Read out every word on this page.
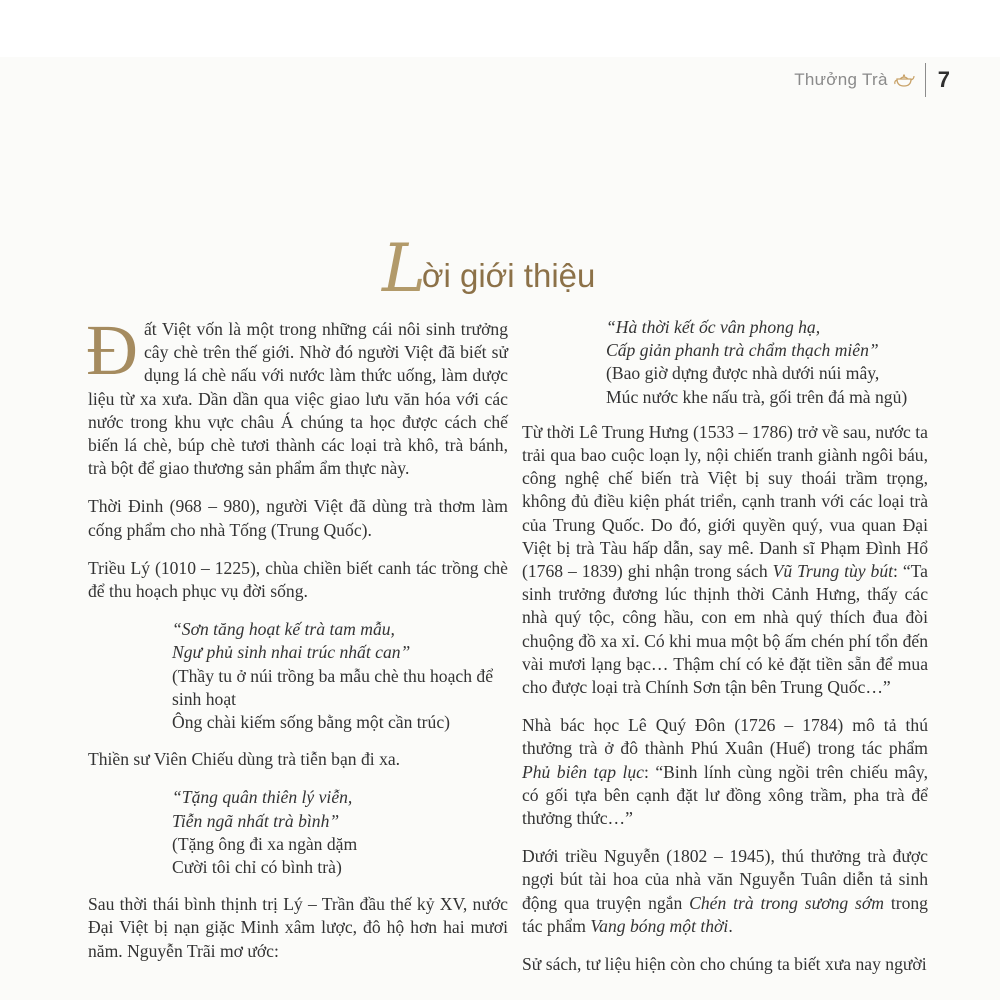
Thưởng Trà 7
L
ời giới thiệu

Đất Việt vốn là một trong những cái nôi sinh trưởng cây chè trên thế giới. Nhờ đó người Việt đã biết sử dụng lá chè nấu với nước làm thức uống, làm dược liệu từ xa xưa. Dần dần qua việc giao lưu văn hóa với các nước trong khu vực châu Á chúng ta học được cách chế biến lá chè, búp chè tươi thành các loại trà khô, trà bánh, trà bột để giao thương sản phẩm ẩm thực này.

Thời Đinh (968 – 980), người Việt đã dùng trà thơm làm cống phẩm cho nhà Tống (Trung Quốc).

Triều Lý (1010 – 1225), chùa chiền biết canh tác trồng chè để thu hoạch phục vụ đời sống.

“Sơn tăng hoạt kế trà tam mẫu,
Ngư phủ sinh nhai trúc nhất can”
(Thầy tu ở núi trồng ba mẫu chè thu hoạch để sinh hoạt
Ông chài kiếm sống bằng một cần trúc)

Thiền sư Viên Chiếu dùng trà tiễn bạn đi xa.

“Tặng quân thiên lý viễn,
Tiễn ngã nhất trà bình”
(Tặng ông đi xa ngàn dặm
Cười tôi chỉ có bình trà)

Sau thời thái bình thịnh trị Lý – Trần đầu thế kỷ XV, nước Đại Việt bị nạn giặc Minh xâm lược, đô hộ hơn hai mươi năm. Nguyễn Trãi mơ ước:

“Hà thời kết ốc vân phong hạ,
Cấp giản phanh trà chẩm thạch miên”
(Bao giờ dựng được nhà dưới núi mây,
Múc nước khe nấu trà, gối trên đá mà ngủ)

Từ thời Lê Trung Hưng (1533 – 1786) trở về sau, nước ta trải qua bao cuộc loạn ly, nội chiến tranh giành ngôi báu, công nghệ chế biến trà Việt bị suy thoái trầm trọng, không đủ điều kiện phát triển, cạnh tranh với các loại trà của Trung Quốc. Do đó, giới quyền quý, vua quan Đại Việt bị trà Tàu hấp dẫn, say mê. Danh sĩ Phạm Đình Hổ (1768 – 1839) ghi nhận trong sách Vũ Trung tùy bút: “Ta sinh trưởng đương lúc thịnh thời Cảnh Hưng, thấy các nhà quý tộc, công hầu, con em nhà quý thích đua đòi chuộng đồ xa xỉ. Có khi mua một bộ ấm chén phí tổn đến vài mươi lạng bạc… Thậm chí có kẻ đặt tiền sẵn để mua cho được loại trà Chính Sơn tận bên Trung Quốc…”

Nhà bác học Lê Quý Đôn (1726 – 1784) mô tả thú thưởng trà ở đô thành Phú Xuân (Huế) trong tác phẩm Phủ biên tạp lục: “Binh lính cùng ngồi trên chiếu mây, có gối tựa bên cạnh đặt lư đồng xông trầm, pha trà để thưởng thức…”

Dưới triều Nguyễn (1802 – 1945), thú thưởng trà được ngợi bút tài hoa của nhà văn Nguyễn Tuân diễn tả sinh động qua truyện ngắn Chén trà trong sương sớm trong tác phẩm Vang bóng một thời.

Sử sách, tư liệu hiện còn cho chúng ta biết xưa nay người
